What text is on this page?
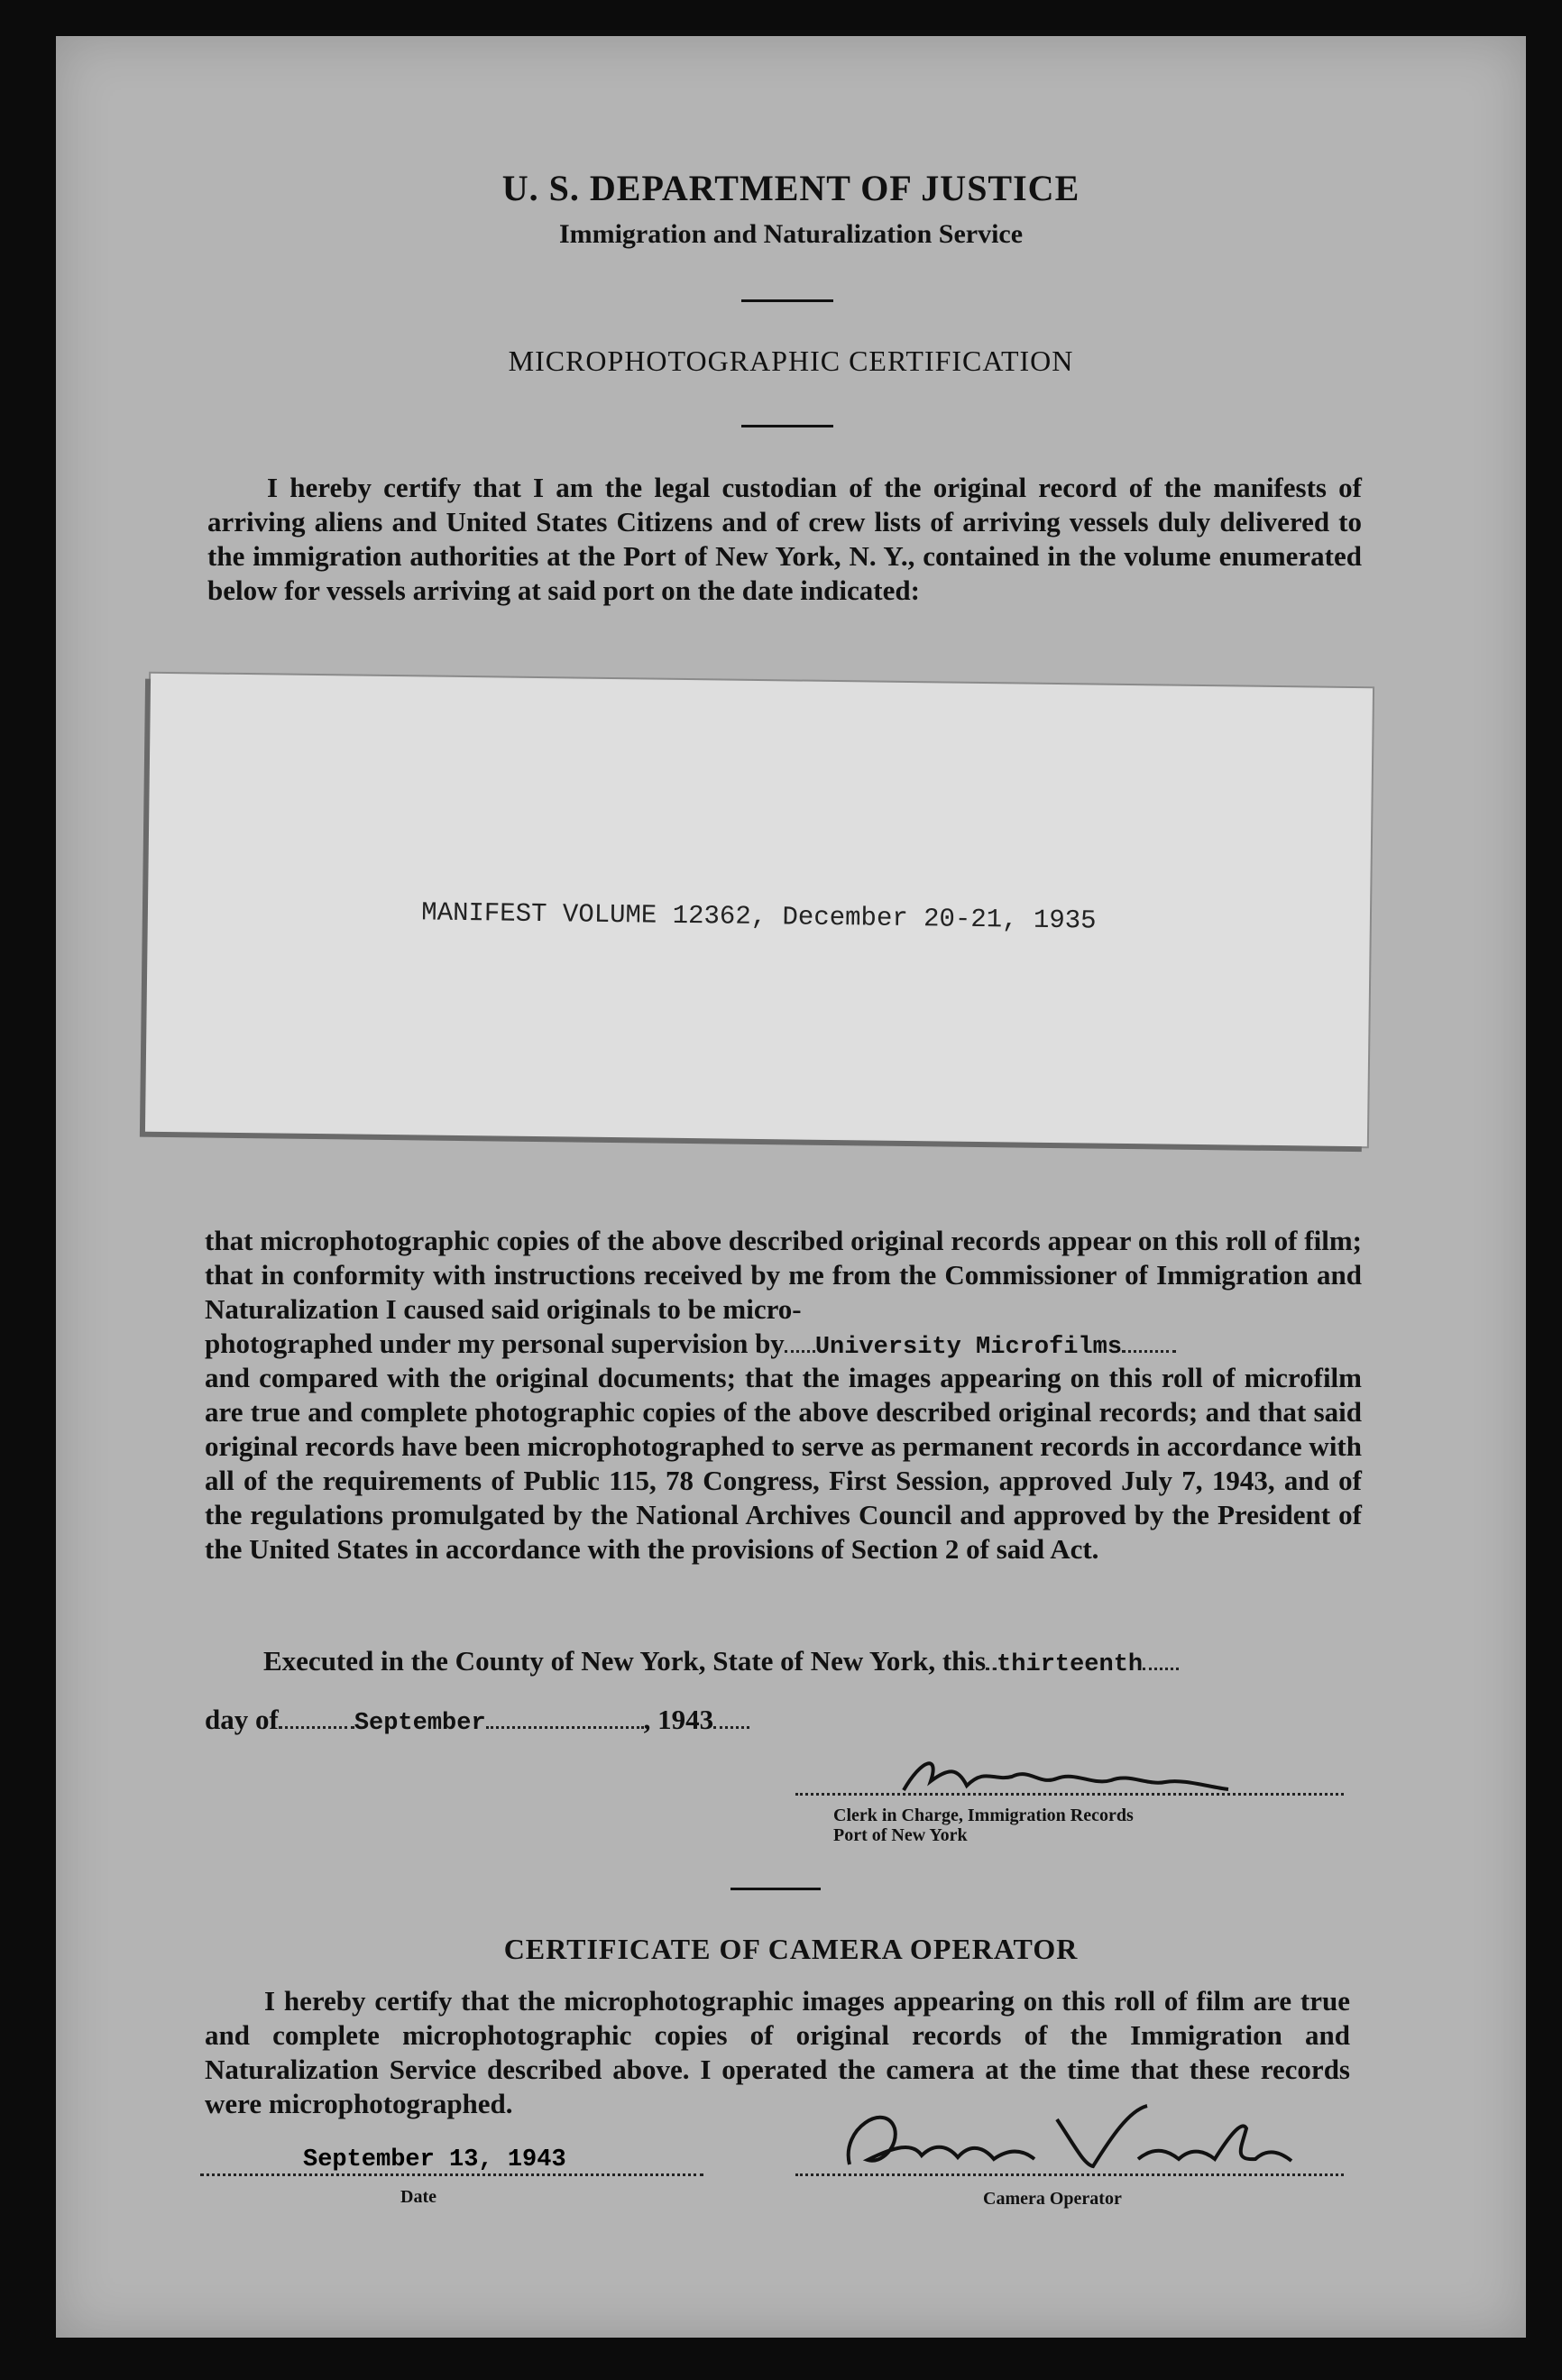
U. S. DEPARTMENT OF JUSTICE
Immigration and Naturalization Service
MICROPHOTOGRAPHIC CERTIFICATION
I hereby certify that I am the legal custodian of the original record of the manifests of arriving aliens and United States Citizens and of crew lists of arriving vessels duly delivered to the immigration authorities at the Port of New York, N. Y., contained in the volume enumerated below for vessels arriving at said port on the date indicated:
MANIFEST VOLUME 12362, December 20-21, 1935
that microphotographic copies of the above described original records appear on this roll of film; that in conformity with instructions received by me from the Commissioner of Immigration and Naturalization I caused said originals to be micro-
photographed under my personal supervision by University Microfilms
and compared with the original documents; that the images appearing on this roll of microfilm are true and complete photographic copies of the above described original records; and that said original records have been microphotographed to serve as permanent records in accordance with all of the requirements of Public 115, 78 Congress, First Session, approved July 7, 1943, and of the regulations promulgated by the National Archives Council and approved by the President of the United States in accordance with the provisions of Section 2 of said Act.
Executed in the County of New York, State of New York, this thirteenth
day of	September	, 1943
Clerk in Charge, Immigration Records
Port of New York
CERTIFICATE OF CAMERA OPERATOR
I hereby certify that the microphotographic images appearing on this roll of film are true and complete microphotographic copies of original records of the Immigration and Naturalization Service described above. I operated the camera at the time that these records were microphotographed.
September 13, 1943
Date	Camera Operator
